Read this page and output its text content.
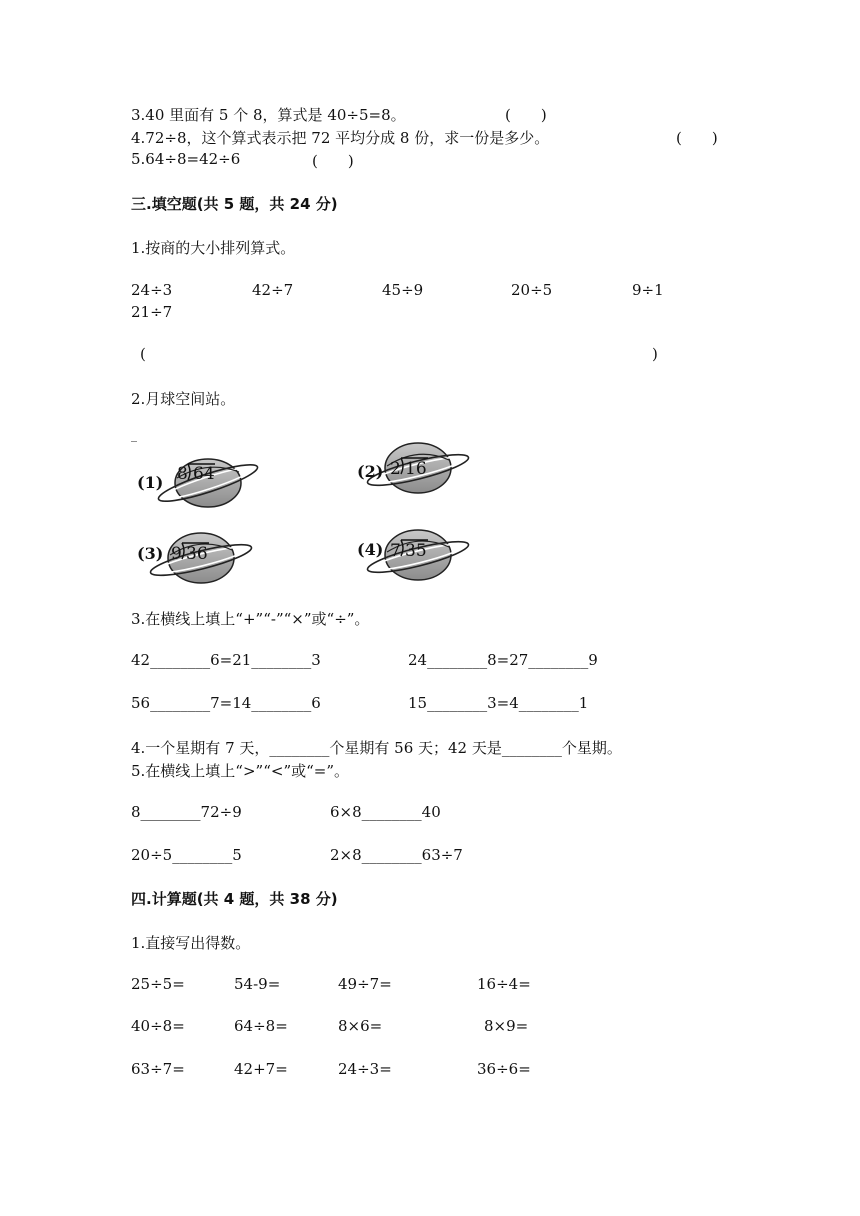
3.40 里面有 5 个 8，算式是 40÷5=8。	(　　)
4.72÷8，这个算式表示把 72 平均分成 8 份，求一份是多少。	(　　)
5.64÷8=42÷6	(　　)
三.填空题(共 5 题，共 24 分)
1.按商的大小排列算式。
24÷3	42÷7	45÷9	20÷5	9÷1
21÷7
(	)
2.月球空间站。
_
(1) 8 64	(2) 2 16
(3) 9 36	(4) 7 35
3.在横线上填上“+”“-”“×”或“÷”。
42________6=21________3	24________8=27________9
56________7=14________6	15________3=4________1
4.一个星期有 7 天，________个星期有 56 天；42 天是________个星期。
5.在横线上填上“>”“<”或“=”。
8________72÷9	6×8________40
20÷5________5	2×8________63÷7
四.计算题(共 4 题，共 38 分)
1.直接写出得数。
25÷5=	54-9=	49÷7=	16÷4=
40÷8=	64÷8=	8×6=	8×9=
63÷7=	42+7=	24÷3=	36÷6=
